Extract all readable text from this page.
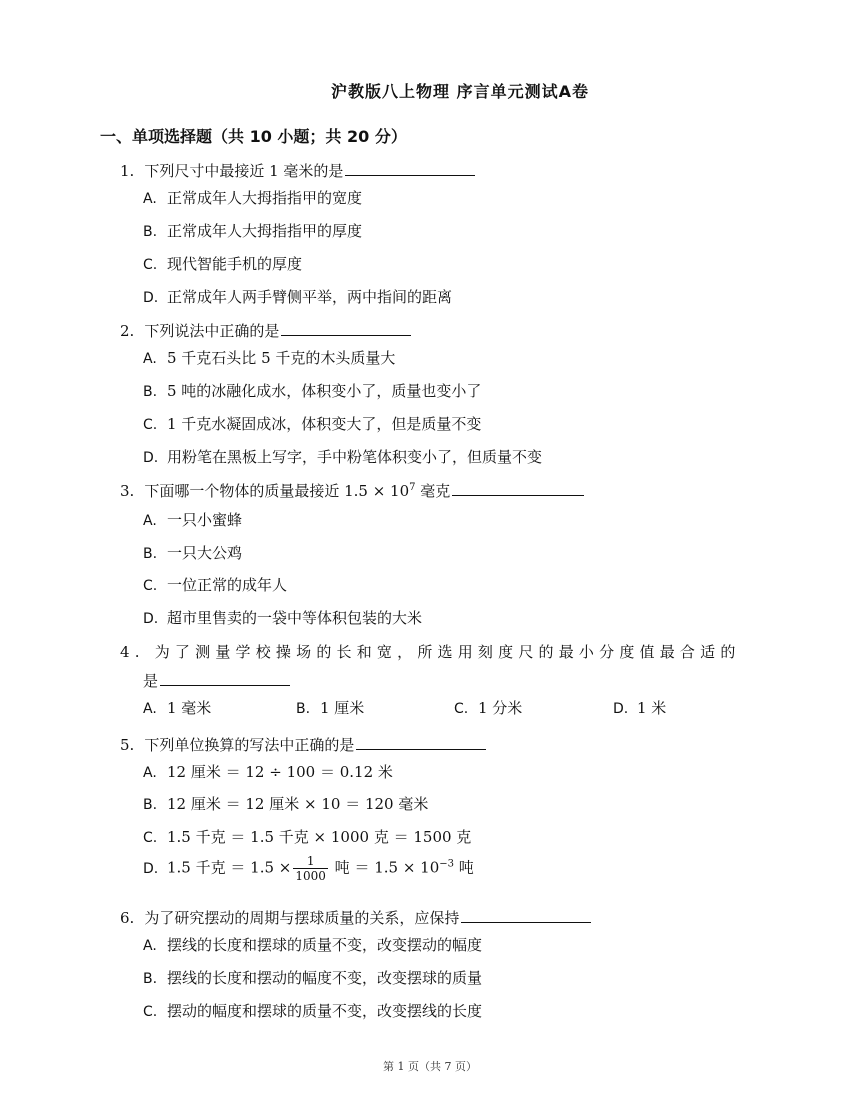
沪教版八上物理 序言单元测试A卷
一、单项选择题（共 10 小题；共 20 分）
1. 下列尺寸中最接近 1 毫米的是
A. 正常成年人大拇指指甲的宽度
B. 正常成年人大拇指指甲的厚度
C. 现代智能手机的厚度
D. 正常成年人两手臂侧平举，两中指间的距离
2. 下列说法中正确的是
A. 5 千克石头比 5 千克的木头质量大
B. 5 吨的冰融化成水，体积变小了，质量也变小了
C. 1 千克水凝固成冰，体积变大了，但是质量不变
D. 用粉笔在黑板上写字，手中粉笔体积变小了，但质量不变
3. 下面哪一个物体的质量最接近 $1.5 \times 10^7$ 毫克
A. 一只小蜜蜂
B. 一只大公鸡
C. 一位正常的成年人
D. 超市里售卖的一袋中等体积包装的大米
4. 为了测量学校操场的长和宽，所选用刻度尺的最小分度值最合适的
是
A. 1 毫米	B. 1 厘米	C. 1 分米	D. 1 米
5. 下列单位换算的写法中正确的是
A. 12 厘米 ＝ 12 ÷ 100 ＝ 0.12 米
B. 12 厘米 ＝ 12 厘米 × 10 ＝ 120 毫米
C. 1.5 千克 ＝ 1.5 千克 × 1000 克 ＝ 1500 克
D. 1.5 千克 ＝ $1.5 \times \frac{1}{1000}$ 吨 ＝ $1.5 \times 10^{-3}$ 吨
6. 为了研究摆动的周期与摆球质量的关系，应保持
A. 摆线的长度和摆球的质量不变，改变摆动的幅度
B. 摆线的长度和摆动的幅度不变，改变摆球的质量
C. 摆动的幅度和摆球的质量不变，改变摆线的长度
第 1 页（共 7 页）
